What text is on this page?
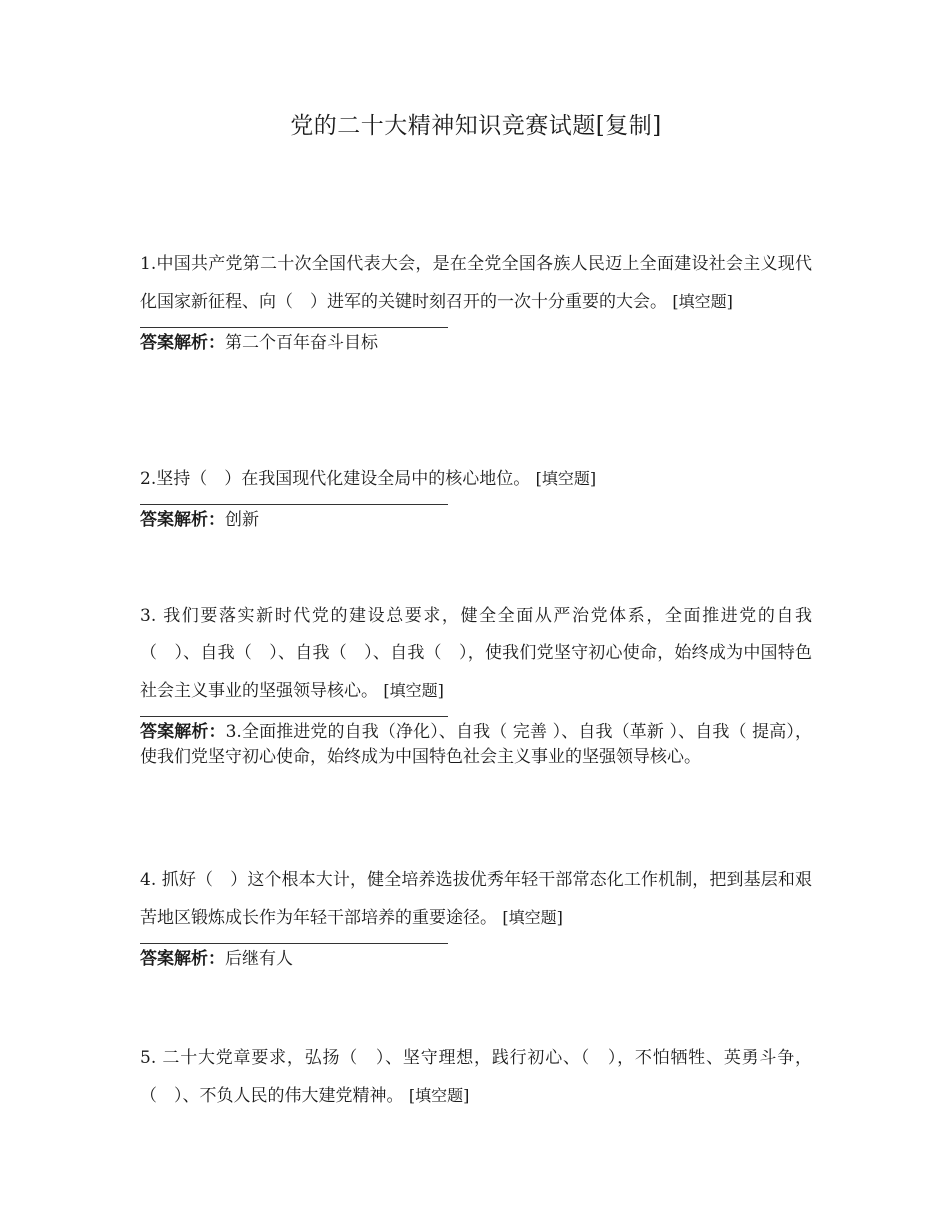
党的二十大精神知识竞赛试题[复制]
1.中国共产党第二十次全国代表大会，是在全党全国各族人民迈上全面建设社会主义现代化国家新征程、向（　）进军的关键时刻召开的一次十分重要的大会。 [填空题]
答案解析：第二个百年奋斗目标
2.坚持（　）在我国现代化建设全局中的核心地位。 [填空题]
答案解析：创新
3. 我们要落实新时代党的建设总要求，健全全面从严治党体系，全面推进党的自我（　）、自我（　）、自我（　）、自我（　），使我们党坚守初心使命，始终成为中国特色社会主义事业的坚强领导核心。 [填空题]
答案解析：3.全面推进党的自我（净化）、自我（ 完善 ）、自我（革新 ）、自我（ 提高），使我们党坚守初心使命，始终成为中国特色社会主义事业的坚强领导核心。
4. 抓好（　）这个根本大计，健全培养选拔优秀年轻干部常态化工作机制，把到基层和艰苦地区锻炼成长作为年轻干部培养的重要途径。 [填空题]
答案解析：后继有人
5. 二十大党章要求，弘扬（　）、坚守理想，践行初心、（　），不怕牺牲、英勇斗争，（　）、不负人民的伟大建党精神。 [填空题]
